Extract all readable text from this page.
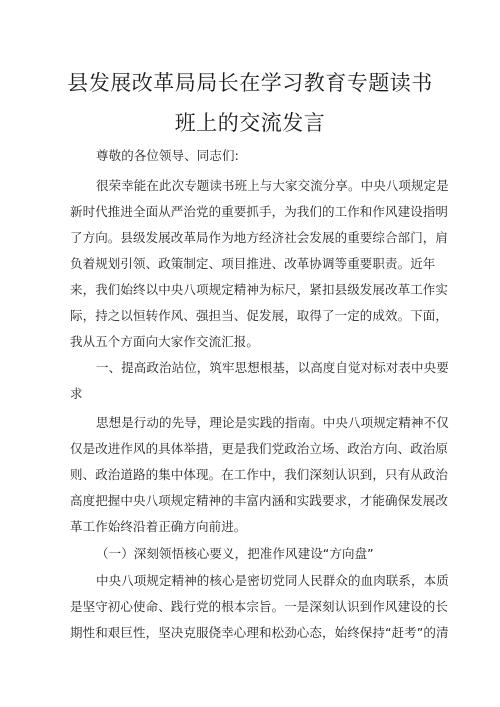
县发展改革局局长在学习教育专题读书
班上的交流发言
尊敬的各位领导、同志们:
很荣幸能在此次专题读书班上与大家交流分享。中央八项规定是
新时代推进全面从严治党的重要抓手，为我们的工作和作风建设指明
了方向。县级发展改革局作为地方经济社会发展的重要综合部门，肩
负着规划引领、政策制定、项目推进、改革协调等重要职责。近年
来，我们始终以中央八项规定精神为标尺，紧扣县级发展改革工作实
际，持之以恒转作风、强担当、促发展，取得了一定的成效。下面，
我从五个方面向大家作交流汇报。
一、提高政治站位，筑牢思想根基，以高度自觉对标对表中央要
求
思想是行动的先导，理论是实践的指南。中央八项规定精神不仅
仅是改进作风的具体举措，更是我们党政治立场、政治方向、政治原
则、政治道路的集中体现。在工作中，我们深刻认识到，只有从政治
高度把握中央八项规定精神的丰富内涵和实践要求，才能确保发展改
革工作始终沿着正确方向前进。
（一）深刻领悟核心要义，把准作风建设“方向盘”
中央八项规定精神的核心是密切党同人民群众的血肉联系，本质
是坚守初心使命、践行党的根本宗旨。一是深刻认识到作风建设的长
期性和艰巨性，坚决克服侥幸心理和松劲心态，始终保持“赶考”的清
